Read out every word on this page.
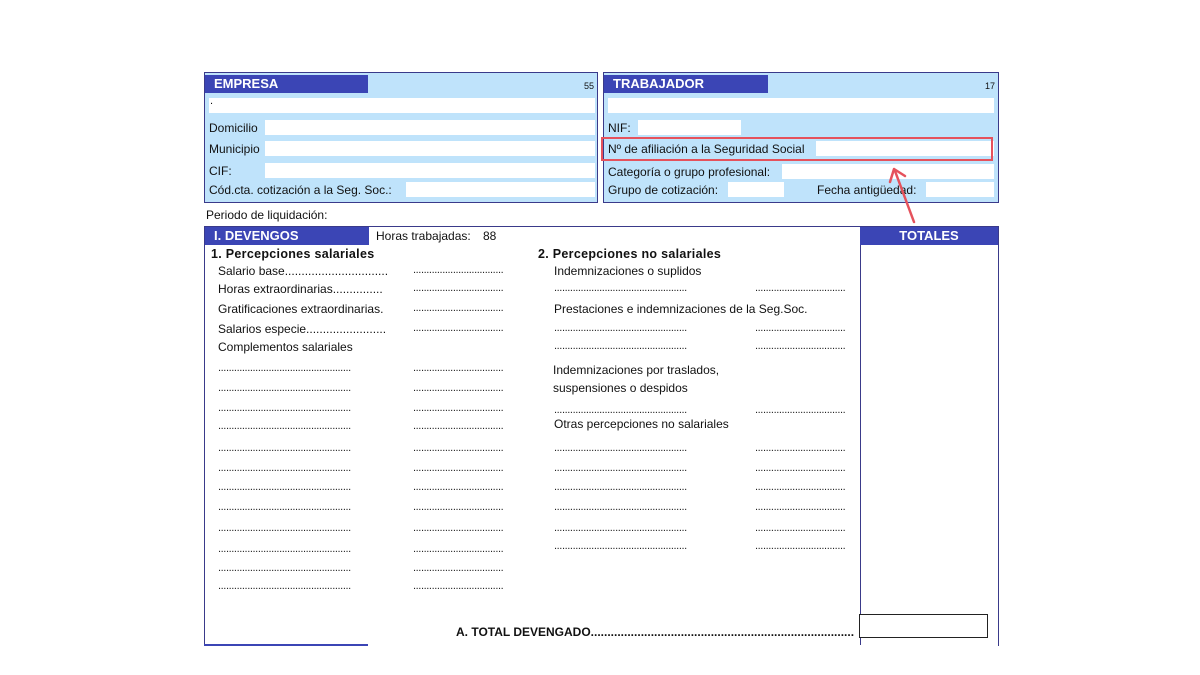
EMPRESA	55
.
Domicilio
Municipio
CIF:
Cód.cta. cotización a la Seg. Soc.:
TRABAJADOR	17
NIF:
Nº de afiliación a la Seguridad Social
Categoría o grupo profesional:
Grupo de cotización:	Fecha antigüedad:
Periodo de liquidación:
I. DEVENGOS	TOTALES
Horas trabajadas: 88
1. Percepciones salariales
Salario base...............................
Horas extraordinarias...............
Gratificaciones extraordinarias.
Salarios especie........................
Complementos salariales
..................................
..................................
..................................
..................................
..................................................	..................................
..................................................	..................................
..................................................	..................................
..................................................	..................................
..................................................	..................................
..................................................	..................................
..................................................	..................................
..................................................	..................................
..................................................	..................................
..................................................	..................................
..................................................	..................................
..................................................	..................................
2. Percepciones no salariales
Indemnizaciones o suplidos
..................................................	..................................
Prestaciones e indemnizaciones de la Seg.Soc.
..................................................	..................................
..................................................	..................................
Indemnizaciones por traslados,
suspensiones o despidos
..................................................	..................................
Otras percepciones no salariales
..................................................	..................................
..................................................	..................................
..................................................	..................................
..................................................	..................................
..................................................	..................................
..................................................	..................................
A. TOTAL DEVENGADO...............................................................................
